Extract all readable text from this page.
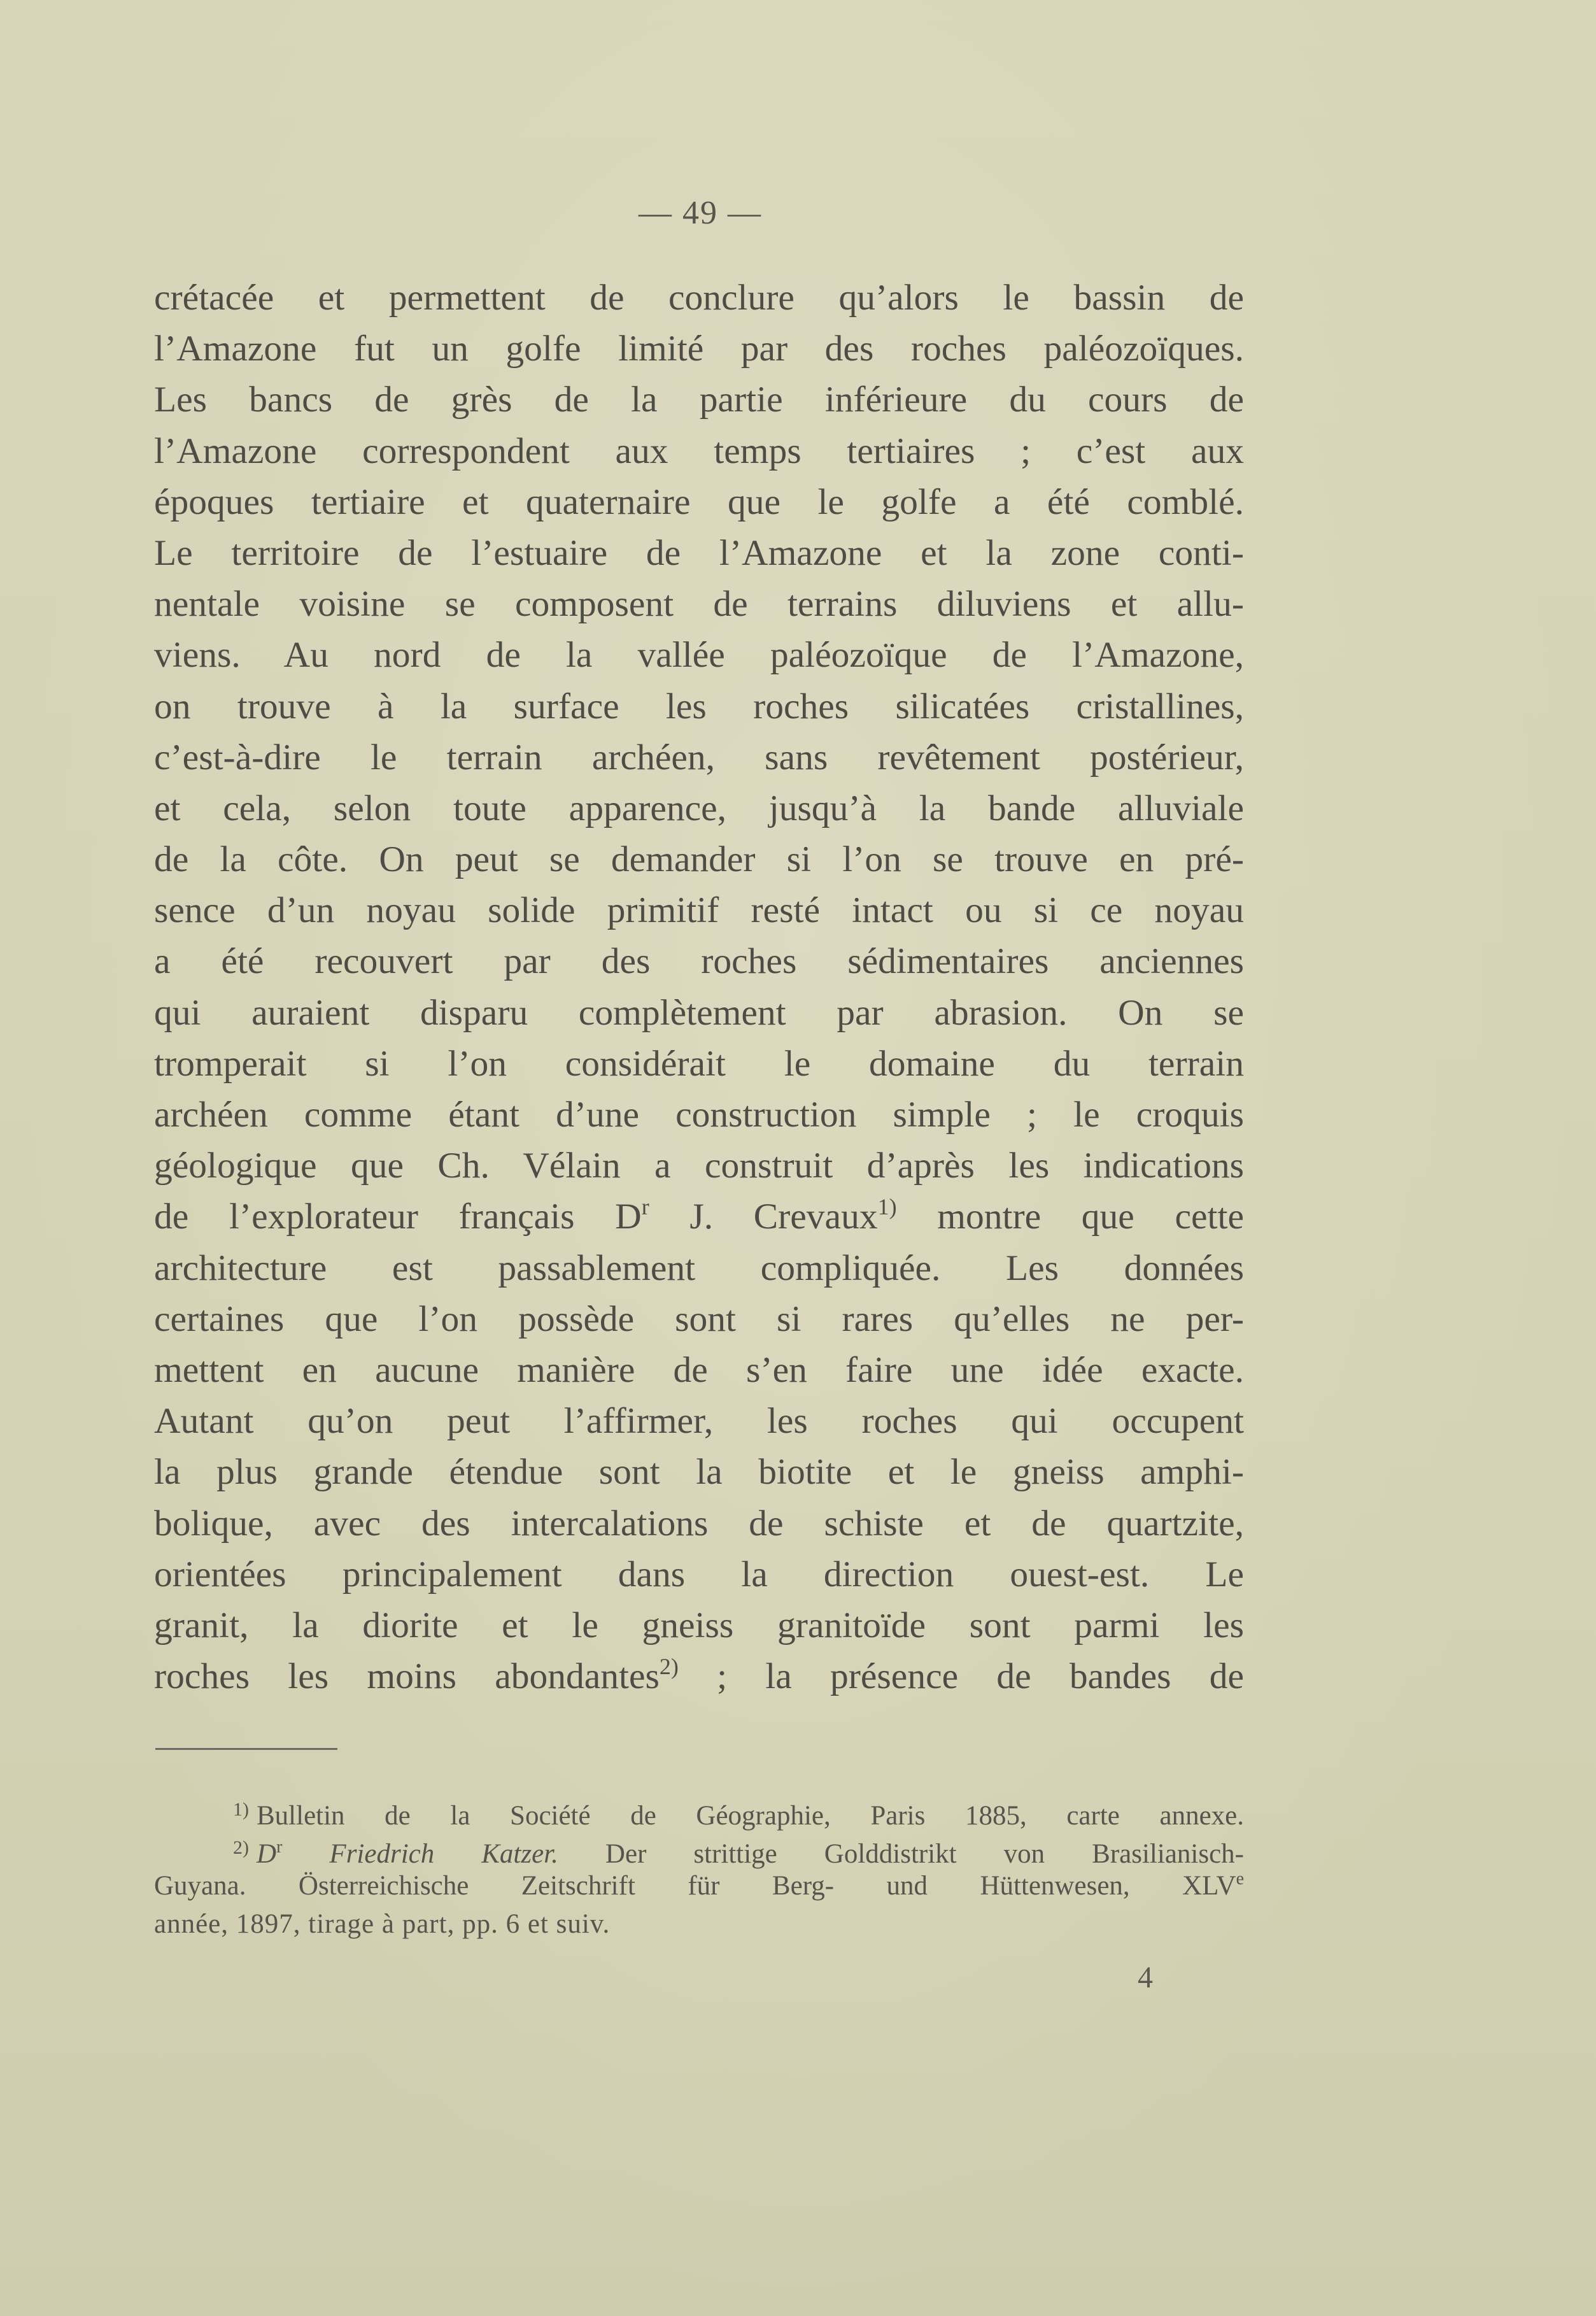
— 49 —
crétacée et permettent de conclure qu’alors le bassin de
l’Amazone fut un golfe limité par des roches paléozoïques.
Les bancs de grès de la partie inférieure du cours de
l’Amazone correspondent aux temps tertiaires ; c’est aux
époques tertiaire et quaternaire que le golfe a été comblé.
Le territoire de l’estuaire de l’Amazone et la zone conti-
nentale voisine se composent de terrains diluviens et allu-
viens. Au nord de la vallée paléozoïque de l’Amazone,
on trouve à la surface les roches silicatées cristallines,
c’est-à-dire le terrain archéen, sans revêtement postérieur,
et cela, selon toute apparence, jusqu’à la bande alluviale
de la côte. On peut se demander si l’on se trouve en pré-
sence d’un noyau solide primitif resté intact ou si ce noyau
a été recouvert par des roches sédimentaires anciennes
qui auraient disparu complètement par abrasion. On se
tromperait si l’on considérait le domaine du terrain
archéen comme étant d’une construction simple ; le croquis
géologique que Ch. Vélain a construit d’après les indications
de l’explorateur français $D^r$ J. Crevaux$^{1)}$ montre que cette
architecture est passablement compliquée. Les données
certaines que l’on possède sont si rares qu’elles ne per-
mettent en aucune manière de s’en faire une idée exacte.
Autant qu’on peut l’affirmer, les roches qui occupent
la plus grande étendue sont la biotite et le gneiss amphi-
bolique, avec des intercalations de schiste et de quartzite,
orientées principalement dans la direction ouest-est. Le
granit, la diorite et le gneiss granitoïde sont parmi les
roches les moins abondantes$^{2)}$ ; la présence de bandes de
$^{1)}$ Bulletin de la Société de Géographie, Paris 1885, carte annexe.
$^{2)}$ $D^r$ Friedrich Katzer. Der strittige Golddistrikt von Brasilianisch-
Guyana. Österreichische Zeitschrift für Berg- und Hüttenwesen, XLVe
année, 1897, tirage à part, pp. 6 et suiv.
4
